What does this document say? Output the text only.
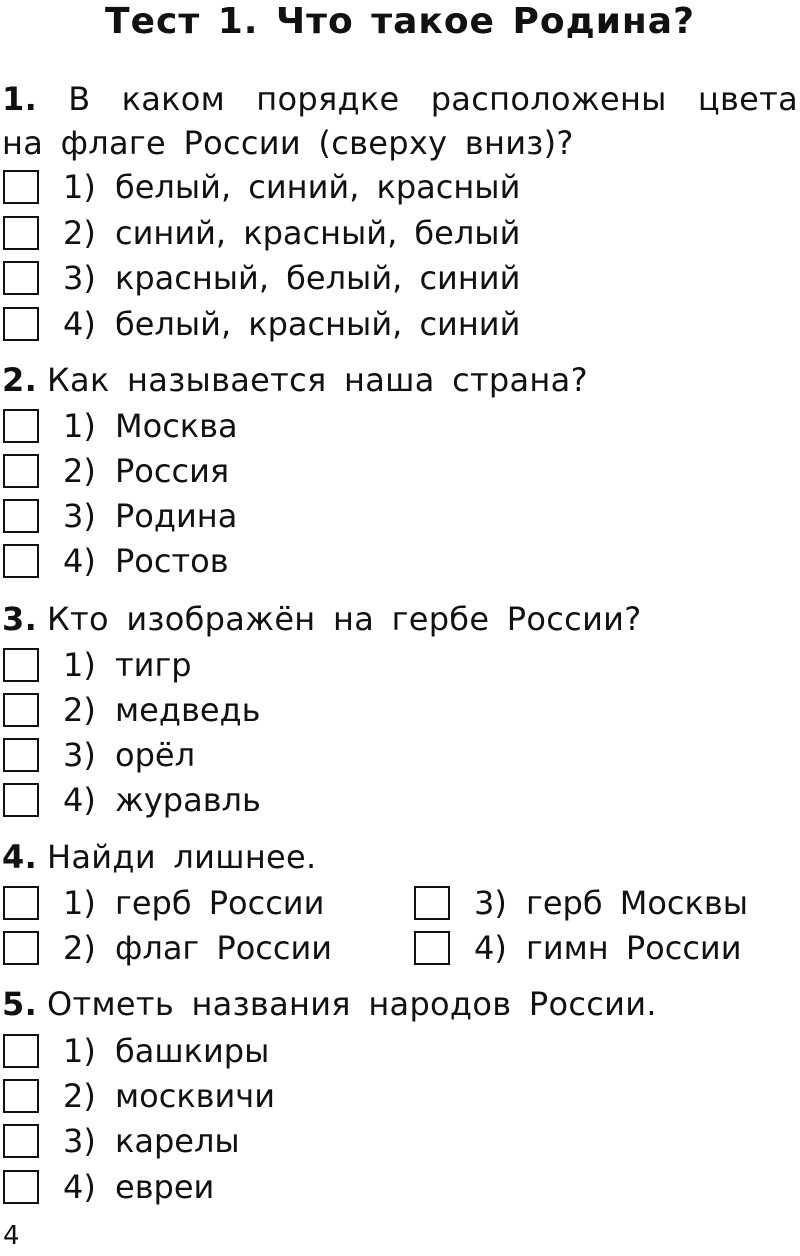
Тест 1. Что такое Родина?
1. В каком порядке расположены цвета
на флаге России (сверху вниз)?
1) белый, синий, красный
2) синий, красный, белый
3) красный, белый, синий
4) белый, красный, синий
2. Как называется наша страна?
1) Москва
2) Россия
3) Родина
4) Ростов
3. Кто изображён на гербе России?
1) тигр
2) медведь
3) орёл
4) журавль
4. Найди лишнее.
1) герб России
2) флаг России
3) герб Москвы
4) гимн России
5. Отметь названия народов России.
1) башкиры
2) москвичи
3) карелы
4) евреи
4
